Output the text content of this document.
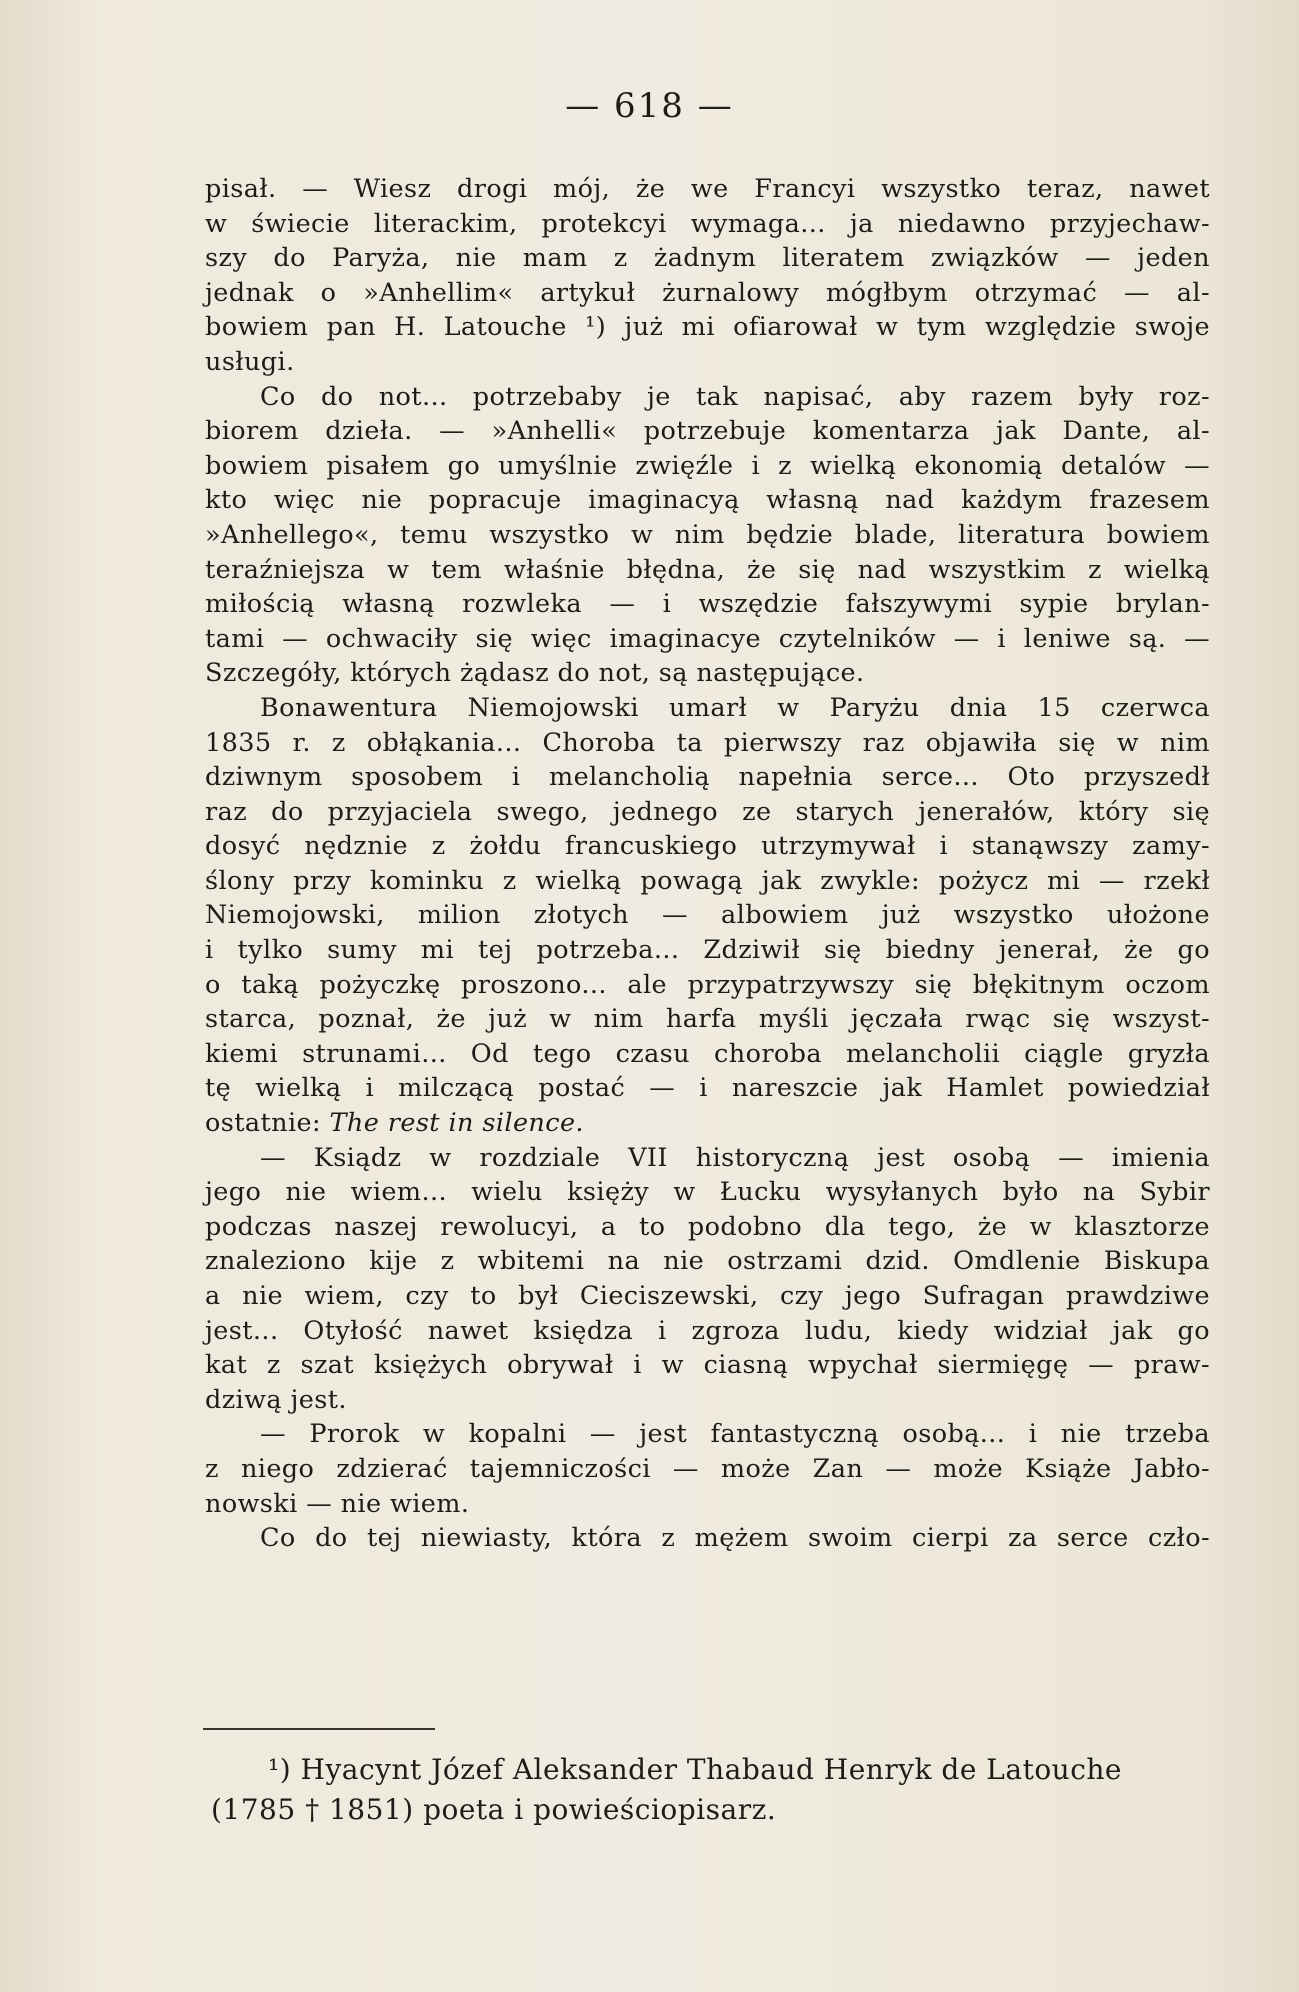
— 618 —
pisał. — Wiesz drogi mój, że we Francyi wszystko teraz, nawet
w świecie literackim, protekcyi wymaga... ja niedawno przyjechaw-
szy do Paryża, nie mam z żadnym literatem związków — jeden
jednak o »Anhellim« artykuł żurnalowy mógłbym otrzymać — al-
bowiem pan H. Latouche ¹) już mi ofiarował w tym względzie swoje
usługi.
Co do not... potrzebaby je tak napisać, aby razem były roz-
biorem dzieła. — »Anhelli« potrzebuje komentarza jak Dante, al-
bowiem pisałem go umyślnie zwięźle i z wielką ekonomią detalów —
kto więc nie popracuje imaginacyą własną nad każdym frazesem
»Anhellego«, temu wszystko w nim będzie blade, literatura bowiem
teraźniejsza w tem właśnie błędna, że się nad wszystkim z wielką
miłością własną rozwleka — i wszędzie fałszywymi sypie brylan-
tami — ochwaciły się więc imaginacye czytelników — i leniwe są. —
Szczegóły, których żądasz do not, są następujące.
Bonawentura Niemojowski umarł w Paryżu dnia 15 czerwca
1835 r. z obłąkania... Choroba ta pierwszy raz objawiła się w nim
dziwnym sposobem i melancholią napełnia serce... Oto przyszedł
raz do przyjaciela swego, jednego ze starych jenerałów, który się
dosyć nędznie z żołdu francuskiego utrzymywał i stanąwszy zamy-
ślony przy kominku z wielką powagą jak zwykle: pożycz mi — rzekł
Niemojowski, milion złotych — albowiem już wszystko ułożone
i tylko sumy mi tej potrzeba... Zdziwił się biedny jenerał, że go
o taką pożyczkę proszono... ale przypatrzywszy się błękitnym oczom
starca, poznał, że już w nim harfa myśli jęczała rwąc się wszyst-
kiemi strunami... Od tego czasu choroba melancholii ciągle gryzła
tę wielką i milczącą postać — i nareszcie jak Hamlet powiedział
ostatnie: The rest in silence.
— Ksiądz w rozdziale VII historyczną jest osobą — imienia
jego nie wiem... wielu księży w Łucku wysyłanych było na Sybir
podczas naszej rewolucyi, a to podobno dla tego, że w klasztorze
znaleziono kije z wbitemi na nie ostrzami dzid. Omdlenie Biskupa
a nie wiem, czy to był Cieciszewski, czy jego Sufragan prawdziwe
jest... Otyłość nawet księdza i zgroza ludu, kiedy widział jak go
kat z szat księżych obrywał i w ciasną wpychał siermięgę — praw-
dziwą jest.
— Prorok w kopalni — jest fantastyczną osobą... i nie trzeba
z niego zdzierać tajemniczości — może Zan — może Książe Jabło-
nowski — nie wiem.
Co do tej niewiasty, która z mężem swoim cierpi za serce czło-
¹) Hyacynt Józef Aleksander Thabaud Henryk de Latouche
(1785 † 1851) poeta i powieściopisarz.
